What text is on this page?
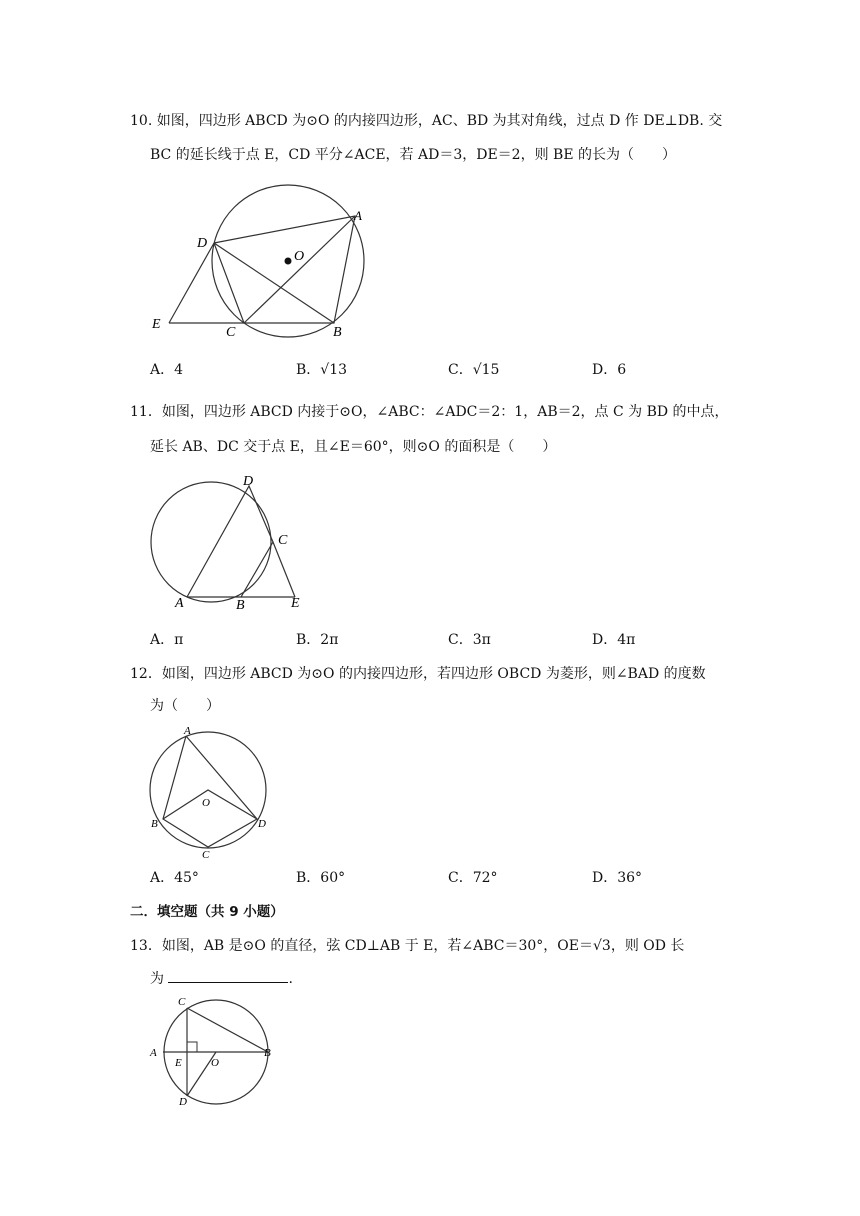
10. 如图，四边形 ABCD 为⊙O 的内接四边形，AC、BD 为其对角线，过点 D 作 DE⊥DB. 交
BC 的延长线于点 E，CD 平分∠ACE，若 AD＝3，DE＝2，则 BE 的长为（　　）
O
D
A
E
C	B
A．4	B．√13	C．√15	D．6
11．如图，四边形 ABCD 内接于⊙O，∠ABC：∠ADC＝2：1，AB＝2，点 C 为 BD 的中点，
延长 AB、DC 交于点 E，且∠E＝60°，则⊙O 的面积是（　　）
D
C
A	B	E
A．π	B．2π	C．3π	D．4π
12．如图，四边形 ABCD 为⊙O 的内接四边形，若四边形 OBCD 为菱形，则∠BAD 的度数
为（　　）
A
O
B	D
C
A．45°	B．60°	C．72°	D．36°
二．填空题（共 9 小题）
13．如图，AB 是⊙O 的直径，弦 CD⊥AB 于 E，若∠ABC＝30°，OE＝√3，则 OD 长
为	.
C
A
E	O
B
D
